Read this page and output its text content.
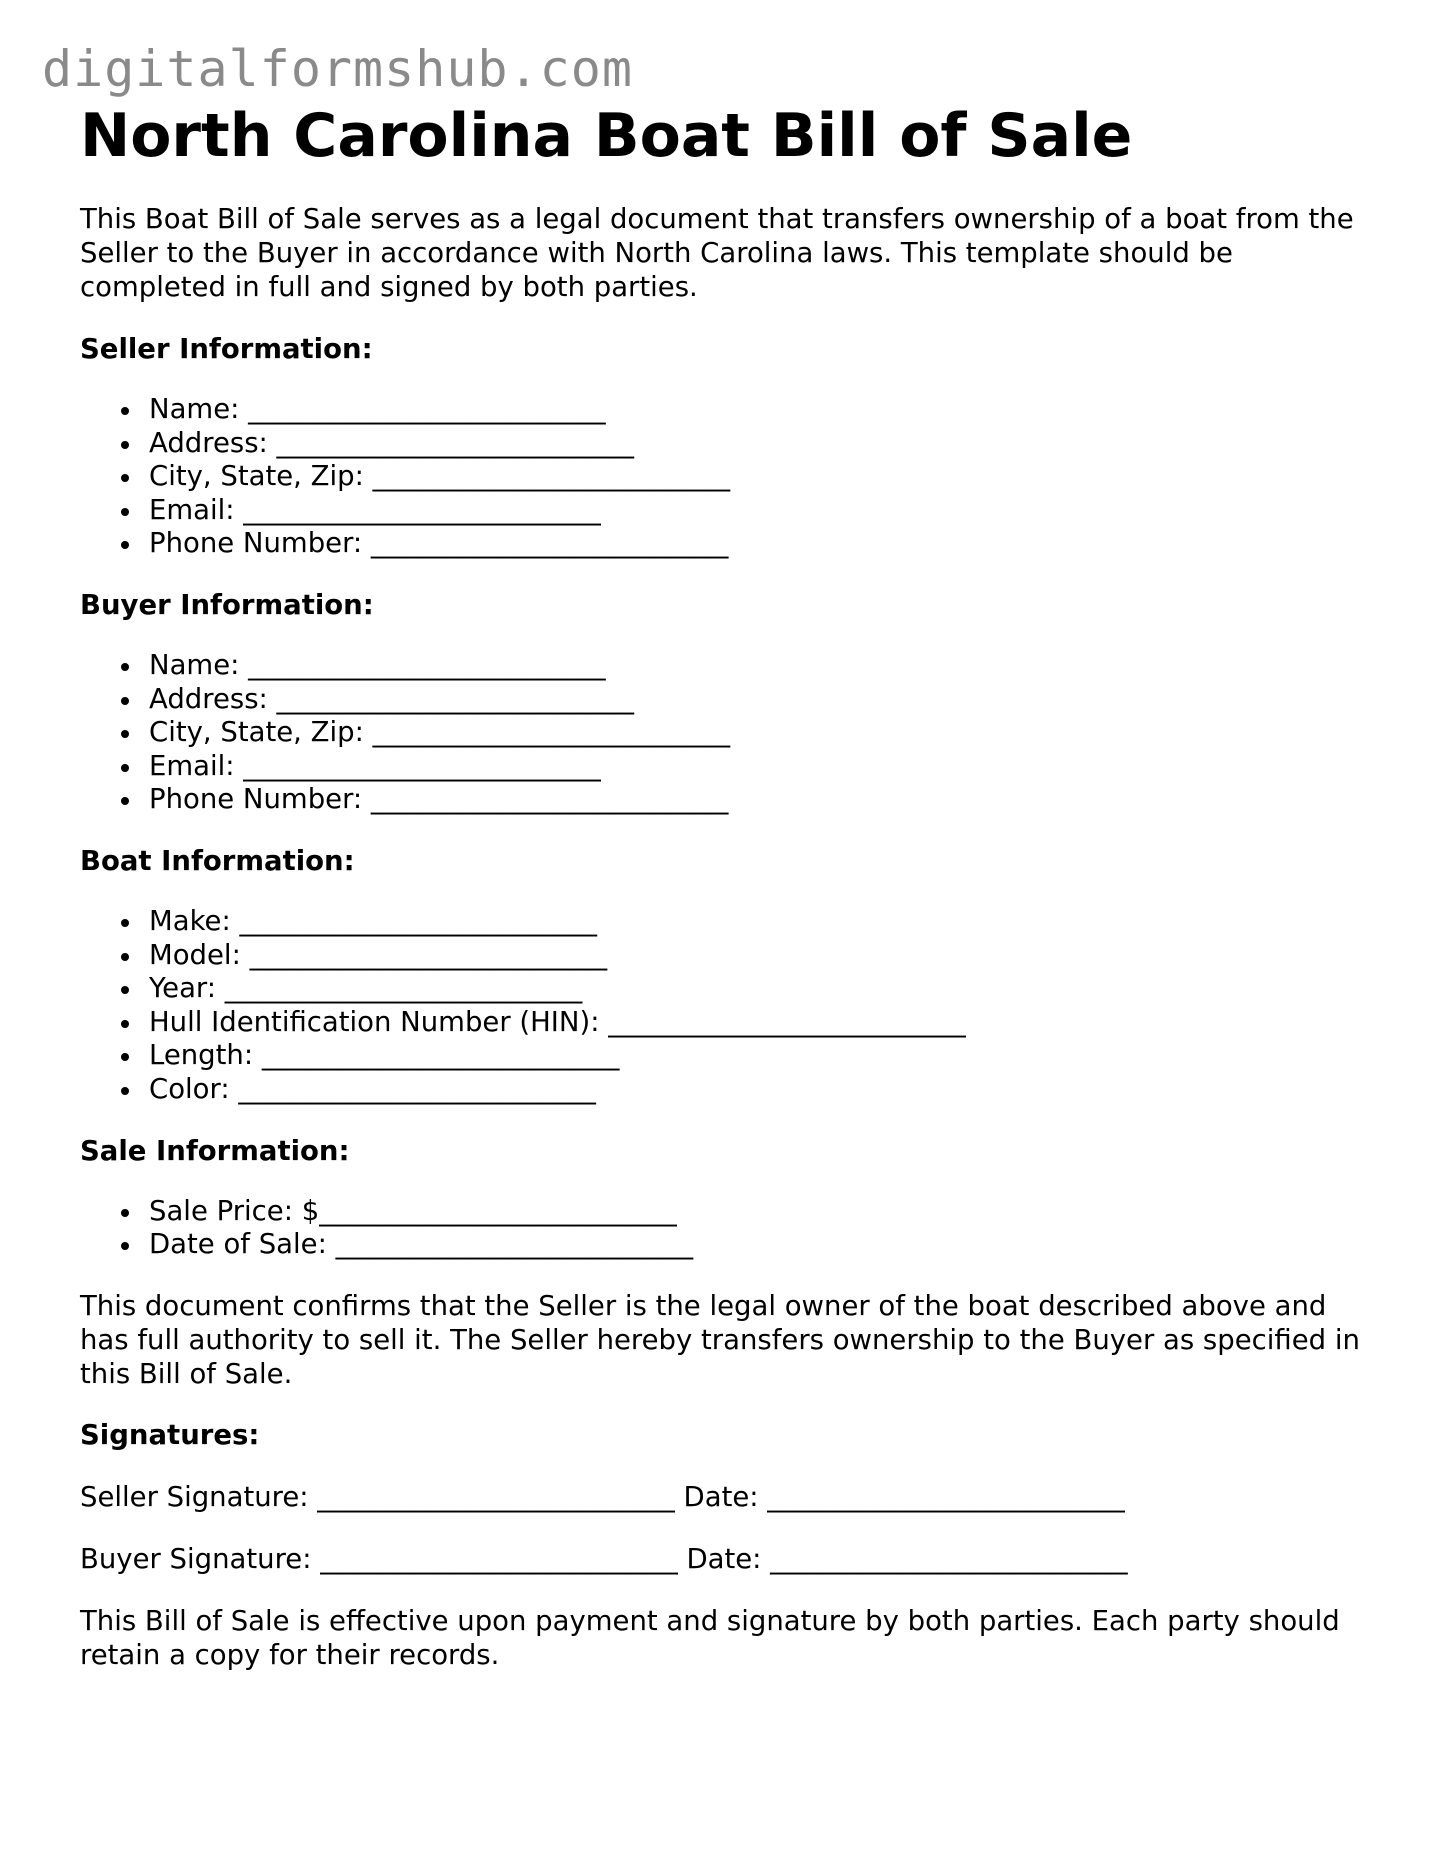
digitalformshub.com
North Carolina Boat Bill of Sale

This Boat Bill of Sale serves as a legal document that transfers ownership of a boat from the Seller to the Buyer in accordance with North Carolina laws. This template should be completed in full and signed by both parties.

Seller Information:
Name: __________________________
Address: __________________________
City, State, Zip: __________________________
Email: __________________________
Phone Number: __________________________
Buyer Information:
Name: __________________________
Address: __________________________
City, State, Zip: __________________________
Email: __________________________
Phone Number: __________________________
Boat Information:
Make: __________________________
Model: __________________________
Year: __________________________
Hull Identification Number (HIN): __________________________
Length: __________________________
Color: __________________________
Sale Information:
Sale Price: $__________________________
Date of Sale: __________________________

This document confirms that the Seller is the legal owner of the boat described above and has full authority to sell it. The Seller hereby transfers ownership to the Buyer as specified in this Bill of Sale.

Signatures:
Seller Signature: __________________________ Date: __________________________
Buyer Signature: __________________________ Date: __________________________

This Bill of Sale is effective upon payment and signature by both parties. Each party should retain a copy for their records.
